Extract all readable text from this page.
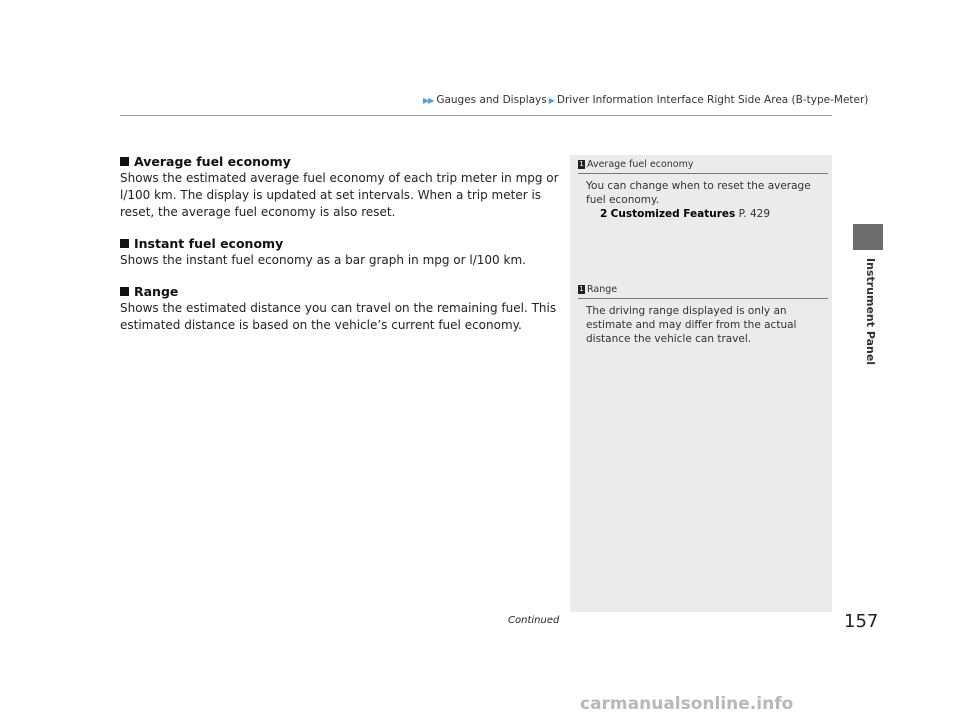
▶▶ Gauges and Displays ▶ Driver Information Interface Right Side Area (B-type-Meter)
Instrument Panel
Average fuel economy

Shows the estimated average fuel economy of each trip meter in mpg or l/100 km. The display is updated at set intervals. When a trip meter is reset, the average fuel economy is also reset.

Instant fuel economy

Shows the instant fuel economy as a bar graph in mpg or l/100 km.

Range

Shows the estimated distance you can travel on the remaining fuel. This estimated distance is based on the vehicle’s current fuel economy.

1 Average fuel economy
You can change when to reset the average fuel economy.
2 Customized Features P. 429
1 Range
The driving range displayed is only an estimate and may differ from the actual distance the vehicle can travel.
Continued	157
carmanualsonline.info
